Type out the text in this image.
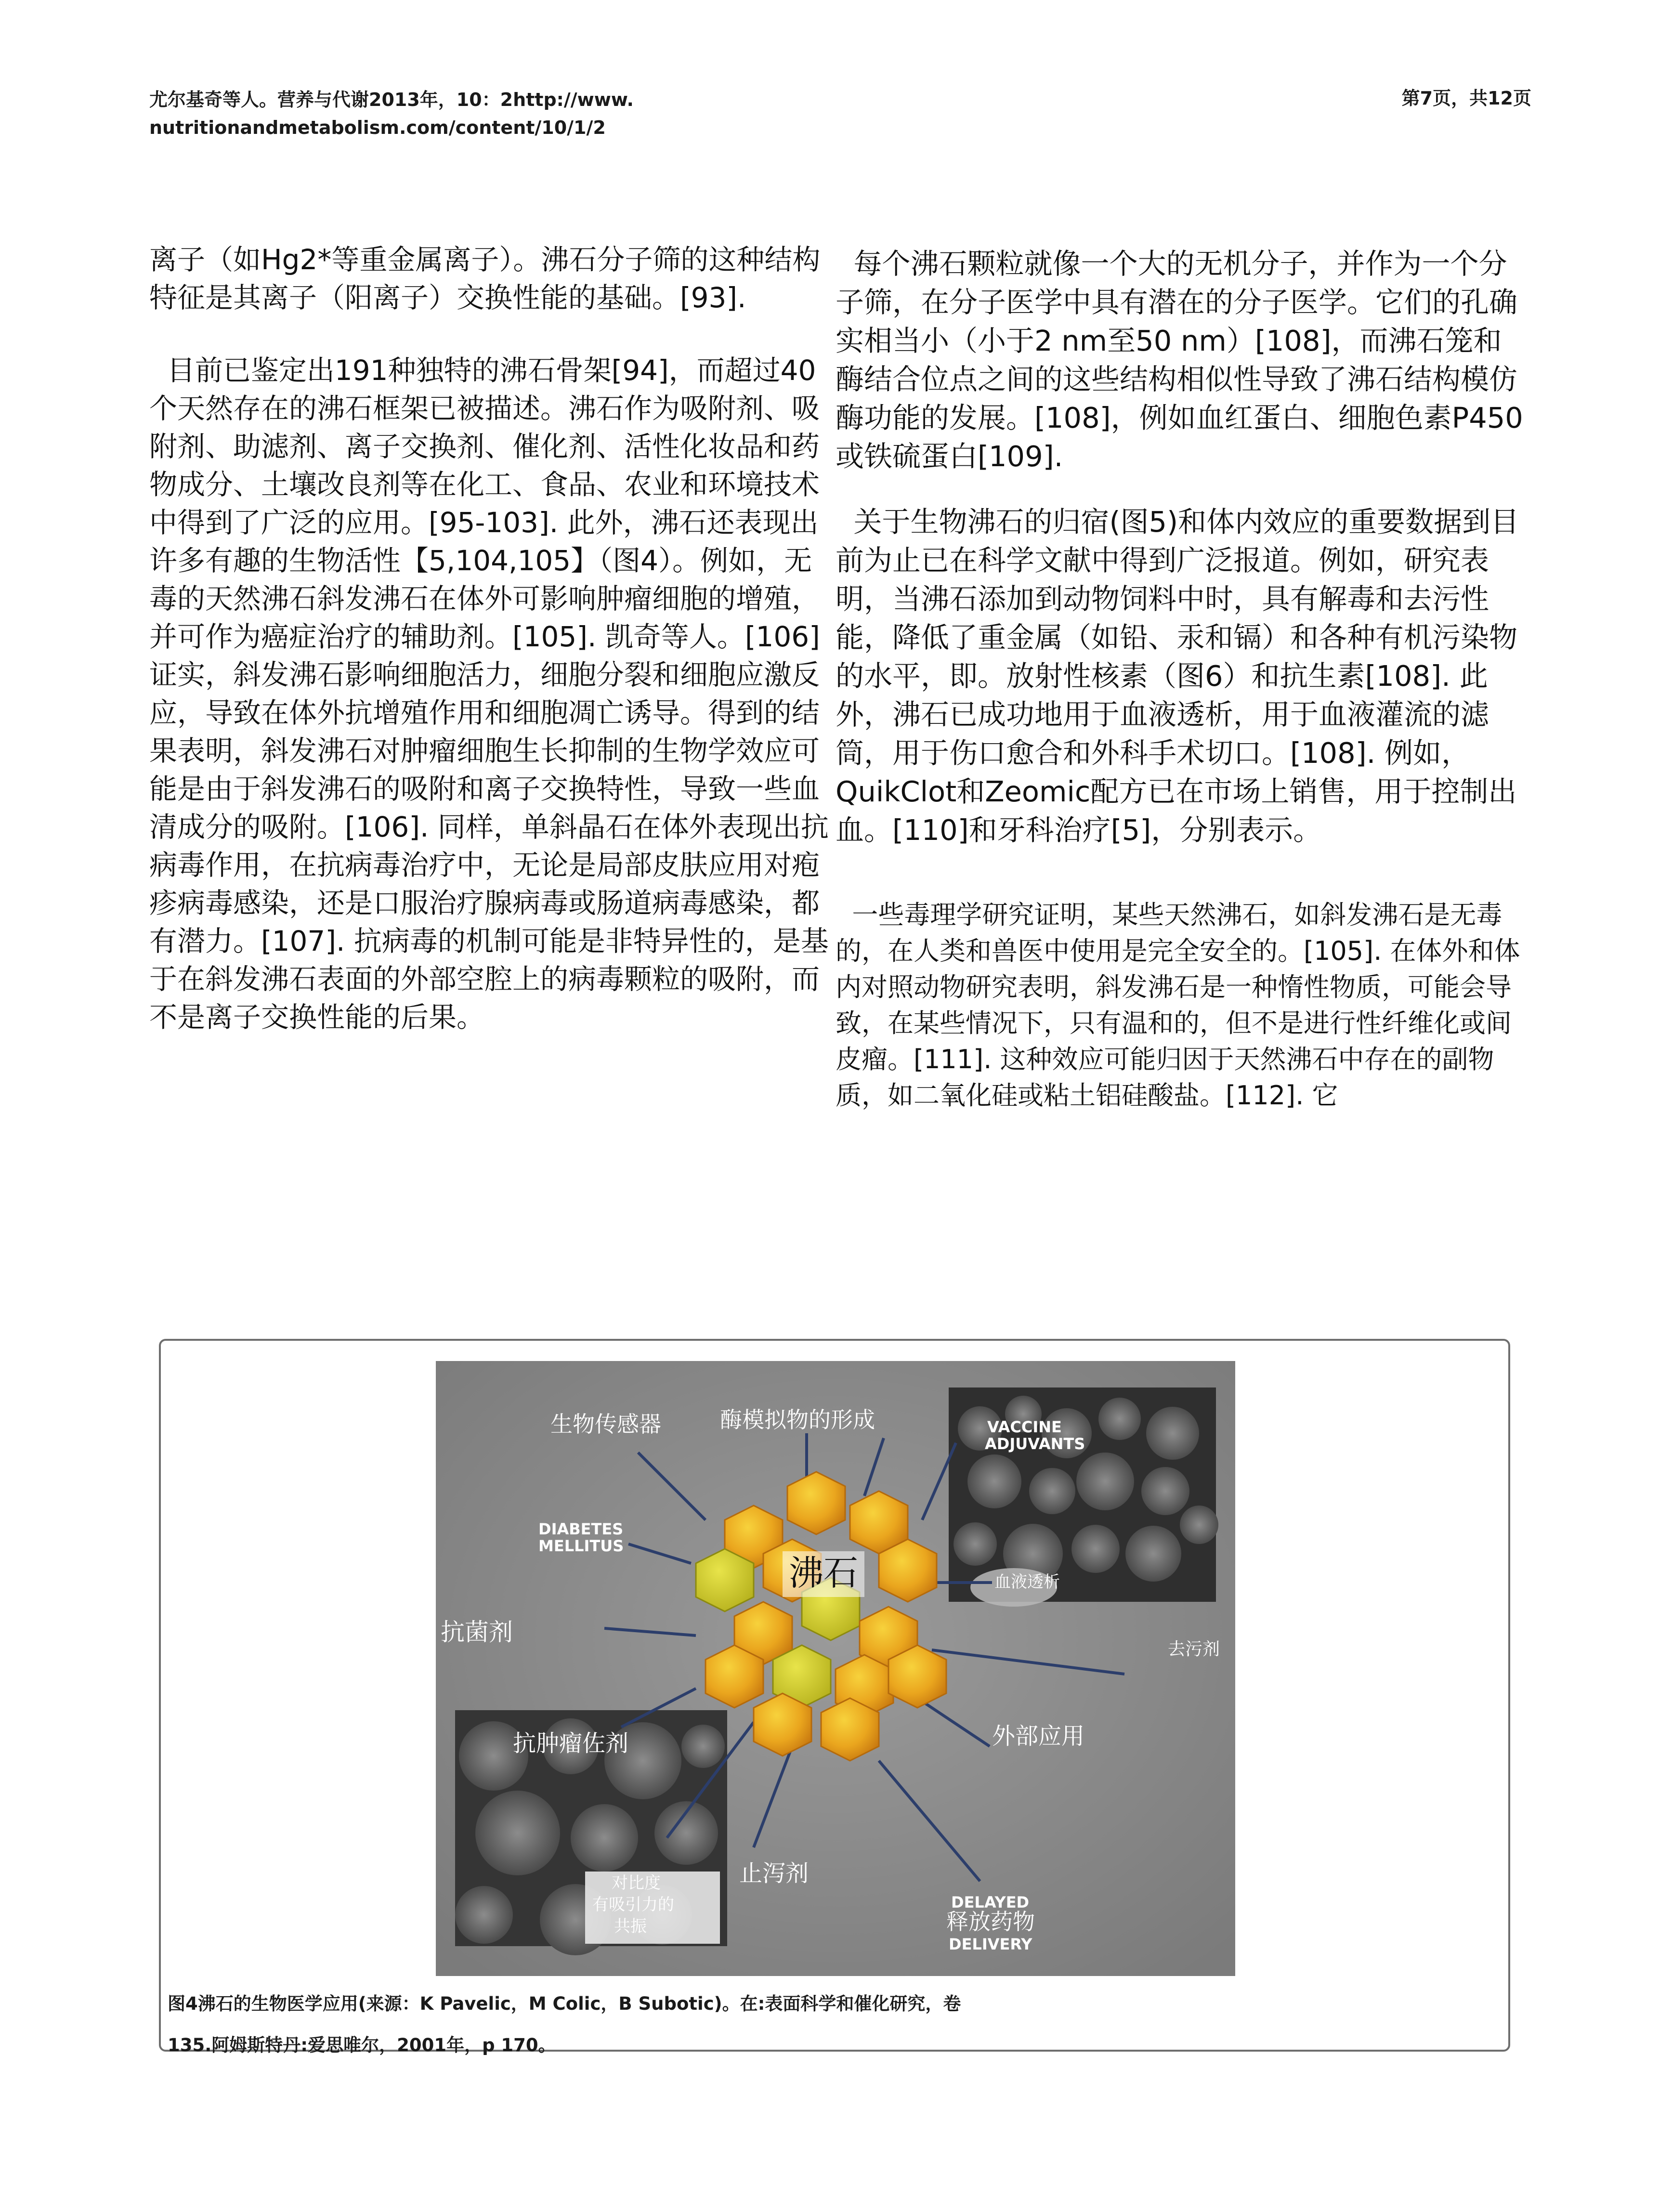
尤尔基奇等人。营养与代谢2013年，10：2http://www.
nutritionandmetabolism.com/content/10/1/2
第7页，共12页

离子（如Hg2*等重金属离子）。沸石分子筛的这种结构特征是其离子（阳离子）交换性能的基础。[93].

目前已鉴定出191种独特的沸石骨架[94]，而超过40个天然存在的沸石框架已被描述。沸石作为吸附剂、吸附剂、助滤剂、离子交换剂、催化剂、活性化妆品和药物成分、土壤改良剂等在化工、食品、农业和环境技术中得到了广泛的应用。[95-103]. 此外，沸石还表现出许多有趣的生物活性【5,104,105】（图4）。例如，无毒的天然沸石斜发沸石在体外可影响肿瘤细胞的增殖，并可作为癌症治疗的辅助剂。[105]. 凯奇等人。[106]证实，斜发沸石影响细胞活力，细胞分裂和细胞应激反应，导致在体外抗增殖作用和细胞凋亡诱导。得到的结果表明，斜发沸石对肿瘤细胞生长抑制的生物学效应可能是由于斜发沸石的吸附和离子交换特性，导致一些血清成分的吸附。[106]. 同样，单斜晶石在体外表现出抗病毒作用，在抗病毒治疗中，无论是局部皮肤应用对疱疹病毒感染，还是口服治疗腺病毒或肠道病毒感染，都有潜力。[107]. 抗病毒的机制可能是非特异性的，是基于在斜发沸石表面的外部空腔上的病毒颗粒的吸附，而不是离子交换性能的后果。

每个沸石颗粒就像一个大的无机分子，并作为一个分子筛，在分子医学中具有潜在的分子医学。它们的孔确实相当小（小于2 nm至50 nm）[108]，而沸石笼和酶结合位点之间的这些结构相似性导致了沸石结构模仿酶功能的发展。[108]，例如血红蛋白、细胞色素P450或铁硫蛋白[109].

关于生物沸石的归宿(图5)和体内效应的重要数据到目前为止已在科学文献中得到广泛报道。例如，研究表明，当沸石添加到动物饲料中时，具有解毒和去污性能，降低了重金属（如铅、汞和镉）和各种有机污染物的水平，即。放射性核素（图6）和抗生素[108]. 此外，沸石已成功地用于血液透析，用于血液灌流的滤筒，用于伤口愈合和外科手术切口。[108]. 例如，QuikClot和Zeomic配方已在市场上销售，用于控制出血。[110]和牙科治疗[5]，分别表示。

一些毒理学研究证明，某些天然沸石，如斜发沸石是无毒的，在人类和兽医中使用是完全安全的。[105]. 在体外和体内对照动物研究表明，斜发沸石是一种惰性物质，可能会导致，在某些情况下，只有温和的，但不是进行性纤维化或间皮瘤。[111]. 这种效应可能归因于天然沸石中存在的副物质，如二氧化硅或粘土铝硅酸盐。[112]. 它

沸石
生物传感器	酶模拟物的形成	VACCINE
ADJUVANTS
DIABETES
MELLITUS
血液透析
抗菌剂
去污剂
抗肿瘤佐剂	外部应用
对比度
有吸引力的
共振
止泻剂
DELAYED
释放药物
DELIVERY

图4沸石的生物医学应用(来源：K Pavelic，M Colic，B Subotic)。在:表面科学和催化研究，卷

135.阿姆斯特丹:爱思唯尔，2001年，p 170。
